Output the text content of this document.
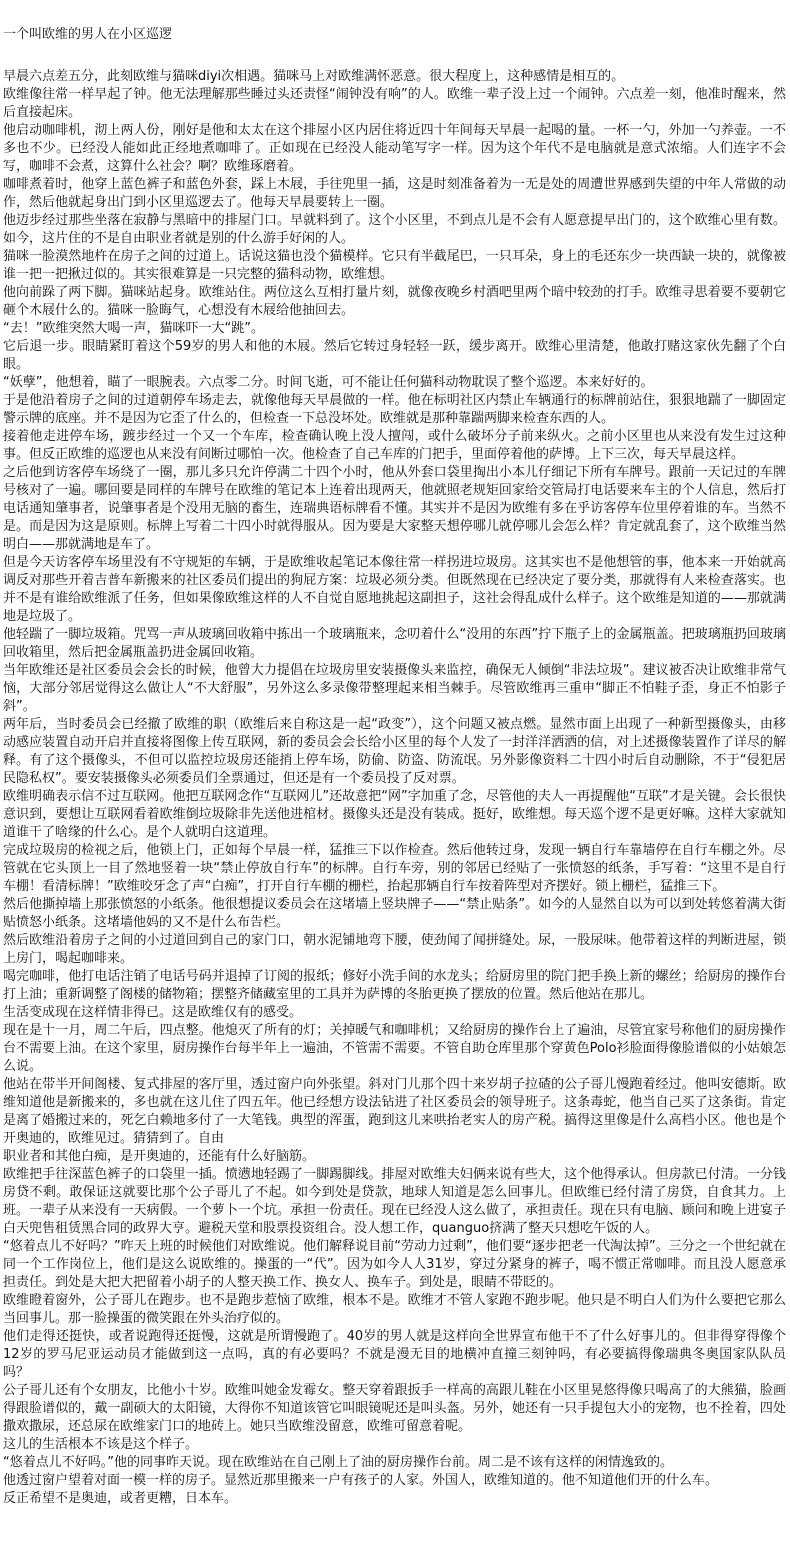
一个叫欧维的男人在小区巡逻

早晨六点差五分，此刻欧维与猫咪diyi次相遇。猫咪马上对欧维满怀恶意。很大程度上，这种感情是相互的。

欧维像往常一样早起了钟。他无法理解那些睡过头还责怪“闹钟没有响”的人。欧维一辈子没上过一个闹钟。六点差一刻，他准时醒来，然后直接起床。

他启动咖啡机，沏上两人份，刚好是他和太太在这个排屋小区内居住将近四十年间每天早晨一起喝的量。一杯一勺，外加一勺养壶。一不多也不少。已经没人能如此正经地煮咖啡了。正如现在已经没人能动笔写字一样。因为这个年代不是电脑就是意式浓缩。人们连字不会写，咖啡不会煮，这算什么社会？啊？欧维琢磨着。

咖啡煮着时，他穿上蓝色裤子和蓝色外套，踩上木屐，手往兜里一插，这是时刻准备着为一无是处的周遭世界感到失望的中年人常做的动作，然后他就起身出门到小区里巡逻去了。他每天早晨要转上一圈。

他迈步经过那些坐落在寂静与黑暗中的排屋门口。早就料到了。这个小区里，不到点儿是不会有人愿意提早出门的，这个欧维心里有数。如今，这片住的不是自由职业者就是别的什么游手好闲的人。

猫咪一脸漠然地杵在房子之间的过道上。话说这猫也没个猫模样。它只有半截尾巴，一只耳朵，身上的毛还东少一块西缺一块的，就像被谁一把一把揪过似的。其实很难算是一只完整的猫科动物，欧维想。

他向前跺了两下脚。猫咪站起身。欧维站住。两位这么互相打量片刻，就像夜晚乡村酒吧里两个暗中较劲的打手。欧维寻思着要不要朝它砸个木屐什么的。猫咪一脸晦气，心想没有木屐给他抽回去。

“去！”欧维突然大喝一声，猫咪吓一大“跳”。

它后退一步。眼睛紧盯着这个59岁的男人和他的木屐。然后它转过身轻轻一跃，缓步离开。欧维心里清楚，他敢打赌这家伙先翻了个白眼。

“妖孽”，他想着，瞄了一眼腕表。六点零二分。时间飞逝，可不能让任何猫科动物耽误了整个巡逻。本来好好的。

于是他沿着房子之间的过道朝停车场走去，就像他每天早晨做的一样。他在标明社区内禁止车辆通行的标牌前站住，狠狠地踹了一脚固定警示牌的底座。并不是因为它歪了什么的，但检查一下总没坏处。欧维就是那种靠踹两脚来检查东西的人。

接着他走进停车场，踱步经过一个又一个车库，检查确认晚上没人擅闯，或什么破坏分子前来纵火。之前小区里也从来没有发生过这种事。但反正欧维的巡逻也从来没有间断过哪怕一次。他检查了自己车库的门把手，里面停着他的萨博。上下三次，每天早晨这样。

之后他到访客停车场绕了一圈，那儿多只允许停满二十四个小时，他从外套口袋里掏出小本儿仔细记下所有车牌号。跟前一天记过的车牌号核对了一遍。哪回要是同样的车牌号在欧维的笔记本上连着出现两天，他就照老规矩回家给交管局打电话要来车主的个人信息，然后打电话通知肇事者，说肇事者是个没用无脑的畜生，连瑞典语标牌看不懂。其实并不是因为欧维有多在乎访客停车位里停着谁的车。当然不是。而是因为这是原则。标牌上写着二十四小时就得服从。因为要是大家整天想停哪儿就停哪儿会怎么样？肯定就乱套了，这个欧维当然明白——那就满地是车了。

但是今天访客停车场里没有不守规矩的车辆，于是欧维收起笔记本像往常一样拐进垃圾房。这其实也不是他想管的事，他本来一开始就高调反对那些开着吉普车新搬来的社区委员们提出的狗屁方案：垃圾必须分类。但既然现在已经决定了要分类，那就得有人来检查落实。也并不是有谁给欧维派了任务，但如果像欧维这样的人不自觉自愿地挑起这副担子，这社会得乱成什么样子。这个欧维是知道的——那就满地是垃圾了。

他轻踹了一脚垃圾箱。咒骂一声从玻璃回收箱中拣出一个玻璃瓶来，念叨着什么“没用的东西”拧下瓶子上的金属瓶盖。把玻璃瓶扔回玻璃回收箱里，然后把金属瓶盖扔进金属回收箱。

当年欧维还是社区委员会会长的时候，他曾大力提倡在垃圾房里安装摄像头来监控，确保无人倾倒“非法垃圾”。建议被否决让欧维非常气恼，大部分邻居觉得这么做让人“不大舒服”，另外这么多录像带整理起来相当棘手。尽管欧维再三重申“脚正不怕鞋子歪，身正不怕影子斜”。

两年后，当时委员会已经撤了欧维的职（欧维后来自称这是一起“政变”），这个问题又被点燃。显然市面上出现了一种新型摄像头，由移动感应装置自动开启并直接将图像上传互联网，新的委员会会长给小区里的每个人发了一封洋洋洒洒的信，对上述摄像装置作了详尽的解释。有了这个摄像头，不但可以监控垃圾房还能捎上停车场，防偷、防盗、防流氓。另外影像资料二十四小时后自动删除，不于“侵犯居民隐私权”。要安装摄像头必须委员们全票通过，但还是有一个委员投了反对票。

欧维明确表示信不过互联网。他把互联网念作“互联网儿”还故意把“网”字加重了念，尽管他的夫人一再提醒他“互联”才是关键。会长很快意识到，要想让互联网看着欧维倒垃圾除非先送他进棺材。摄像头还是没有装成。挺好，欧维想。每天巡个逻不是更好嘛。这样大家就知道谁干了啥缘的什么心。是个人就明白这道理。

完成垃圾房的检视之后，他锁上门，正如每个早晨一样，猛推三下以作检查。然后他转过身，发现一辆自行车靠墙停在自行车棚之外。尽管就在它头顶上一目了然地竖着一块“禁止停放自行车”的标牌。自行车旁，别的邻居已经贴了一张愤怒的纸条，手写着：“这里不是自行车棚！看清标牌！”欧维咬牙念了声“白痴”，打开自行车棚的栅栏，抬起那辆自行车按着阵型对齐摆好。锁上栅栏，猛推三下。

然后他撕掉墙上那张愤怒的小纸条。他很想提议委员会在这堵墙上竖块牌子——“禁止贴条”。如今的人显然自以为可以到处转悠着满大街贴愤怒小纸条。这堵墙他妈的又不是什么布告栏。

然后欧维沿着房子之间的小过道回到自己的家门口，朝水泥铺地弯下腰，使劲闻了闻拼缝处。尿，一股尿味。他带着这样的判断进屋，锁上房门，喝起咖啡来。

喝完咖啡，他打电话注销了电话号码并退掉了订阅的报纸；修好小洗手间的水龙头；给厨房里的院门把手换上新的螺丝；给厨房的操作台打上油；重新调整了阁楼的储物箱；摆整齐储藏室里的工具并为萨博的冬胎更换了摆放的位置。然后他站在那儿。

生活变成现在这样情非得已。这是欧维仅有的感受。

现在是十一月，周二午后，四点整。他熄灭了所有的灯；关掉暖气和咖啡机；又给厨房的操作台上了遍油，尽管宜家号称他们的厨房操作台不需要上油。在这个家里，厨房操作台每半年上一遍油，不管需不需要。不管自助仓库里那个穿黄色Polo衫脸面得像脸谱似的小姑娘怎么说。

他站在带半开间阁楼、复式排屋的客厅里，透过窗户向外张望。斜对门儿那个四十来岁胡子拉碴的公子哥儿慢跑着经过。他叫安德斯。欧维知道他是新搬来的，多也就在这儿住了四五年。他已经想方设法钻进了社区委员会的领导班子。这条毒蛇，他当自己买了这条街。肯定是离了婚搬过来的，死乞白赖地多付了一大笔钱。典型的浑蛋，跑到这儿来哄抬老实人的房产税。搞得这里像是什么高档小区。他也是个开奥迪的，欧维见过。猜猜到了。自由

职业者和其他白痴，是开奥迪的，还能有什么好脑筋。

欧维把手往深蓝色裤子的口袋里一插。愤懑地轻踢了一脚踢脚线。排屋对欧维夫妇俩来说有些大，这个他得承认。但房款已付清。一分钱房贷不剩。敢保证这就要比那个公子哥儿了不起。如今到处是贷款，地球人知道是怎么回事儿。但欧维已经付清了房贷，自食其力。上班。一辈子从来没有一天病假。一个萝卜一个坑。承担一份责任。现在已经没人这么做了，承担责任。现在只有电脑、顾问和晚上进宴子白天兜售租赁黑合同的政界大亨。避税天堂和股票投资组合。没人想工作，quanguo挤满了整天只想吃午饭的人。

“悠着点儿不好吗？”昨天上班的时候他们对欧维说。他们解释说目前“劳动力过剩”，他们要“逐步把老一代淘汰掉”。三分之一个世纪就在同一个工作岗位上，他们是这么说欧维的。操蛋的一“代”。因为如今人人31岁，穿过分紧身的裤子，喝不惯正常咖啡。而且没人愿意承担责任。到处是大把大把留着小胡子的人整天换工作、换女人、换车子。到处是，眼睛不带眨的。

欧维瞪着窗外，公子哥儿在跑步。也不是跑步惹恼了欧维，根本不是。欧维才不管人家跑不跑步呢。他只是不明白人们为什么要把它那么当回事儿。那一脸操蛋的微笑跟在外头治疗似的。

他们走得还挺快，或者说跑得还挺慢，这就是所谓慢跑了。40岁的男人就是这样向全世界宣布他干不了什么好事儿的。但非得穿得像个12岁的罗马尼亚运动员才能做到这一点吗，真的有必要吗？不就是漫无目的地横冲直撞三刻钟吗，有必要搞得像瑞典冬奥国家队队员吗？

公子哥儿还有个女朋友，比他小十岁。欧维叫她金发霉女。整天穿着跟扳手一样高的高跟儿鞋在小区里晃悠得像只喝高了的大熊猫，脸画得跟脸谱似的，戴一副硕大的太阳镜，大得你不知道该管它叫眼镜呢还是叫头盔。另外，她还有一只手提包大小的宠物，也不拴着，四处撒欢撒尿，还总尿在欧维家门口的地砖上。她只当欧维没留意，欧维可留意着呢。

这儿的生活根本不该是这个样子。

“悠着点儿不好吗。”他的同事昨天说。现在欧维站在自己刚上了油的厨房操作台前。周二是不该有这样的闲情逸致的。

他透过窗户望着对面一模一样的房子。显然近那里搬来一户有孩子的人家。外国人，欧维知道的。他不知道他们开的什么车。

反正希望不是奥迪，或者更糟，日本车。
